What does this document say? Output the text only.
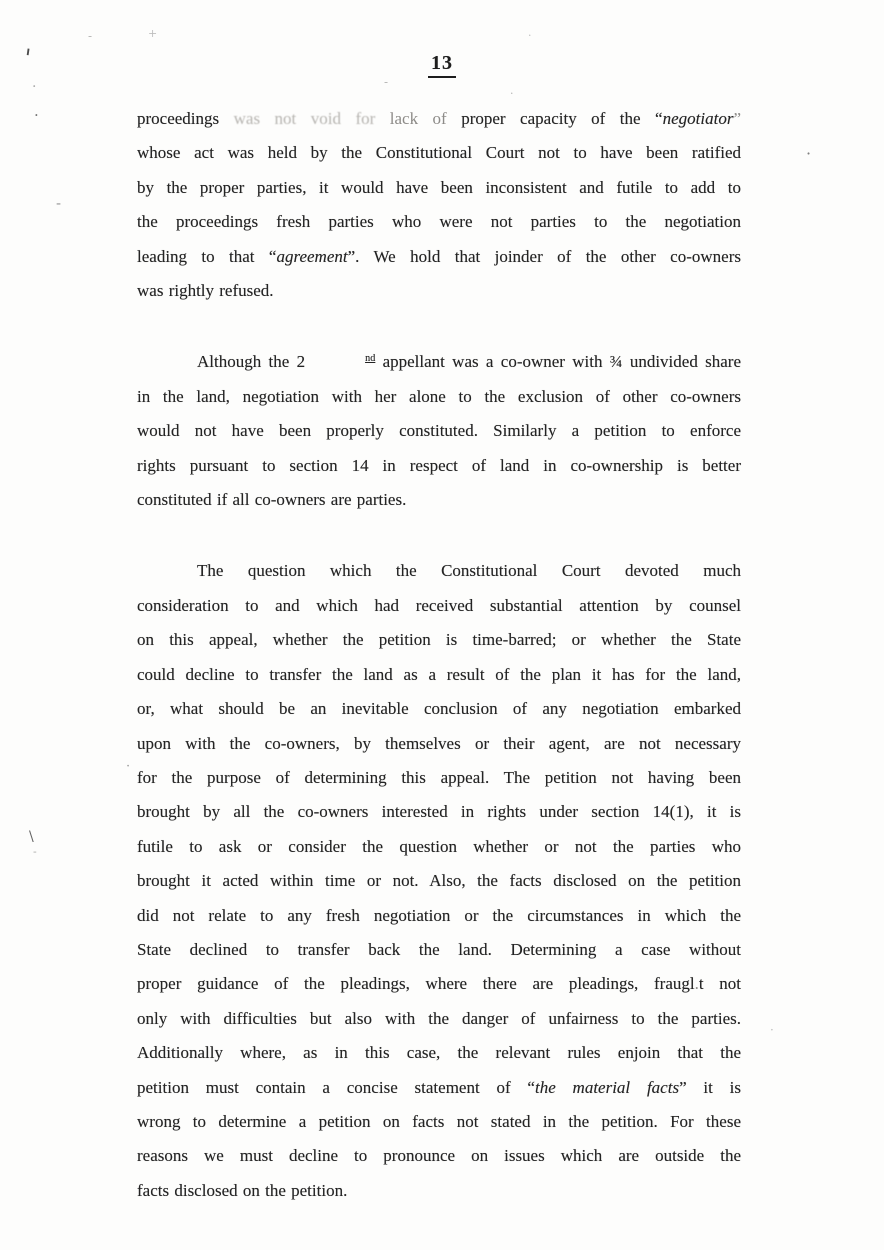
13
proceedings was not void for lack of proper capacity of the “negotiator”
whose act was held by the Constitutional Court not to have been ratified
by the proper parties, it would have been inconsistent and futile to add to
the proceedings fresh parties who were not parties to the negotiation
leading to that “agreement”. We hold that joinder of the other co-owners
was rightly refused.
Although the 2	nd appellant was a co-owner with ¾ undivided share
in the land, negotiation with her alone to the exclusion of other co-owners
would not have been properly constituted. Similarly a petition to enforce
rights pursuant to section 14 in respect of land in co-ownership is better
constituted if all co-owners are parties.
The question which the Constitutional Court devoted much
consideration to and which had received substantial attention by counsel
on this appeal, whether the petition is time-barred; or whether the State
could decline to transfer the land as a result of the plan it has for the land,
or, what should be an inevitable conclusion of any negotiation embarked
upon with the co-owners, by themselves or their agent, are not necessary
for the purpose of determining this appeal. The petition not having been
brought by all the co-owners interested in rights under section 14(1), it is
futile to ask or consider the question whether or not the parties who
brought it acted within time or not. Also, the facts disclosed on the petition
did not relate to any fresh negotiation or the circumstances in which the
State declined to transfer back the land. Determining a case without
proper guidance of the pleadings, where there are pleadings, fraugl.t not
only with difficulties but also with the danger of unfairness to the parties.
Additionally where, as in this case, the relevant rules enjoin that the
petition must contain a concise statement of “the material facts” it is
wrong to determine a petition on facts not stated in the petition. For these
reasons we must decline to pronounce on issues which are outside the
facts disclosed on the petition.
'
·
·
-
-	+
-
·
·
·
·
\
-
·
